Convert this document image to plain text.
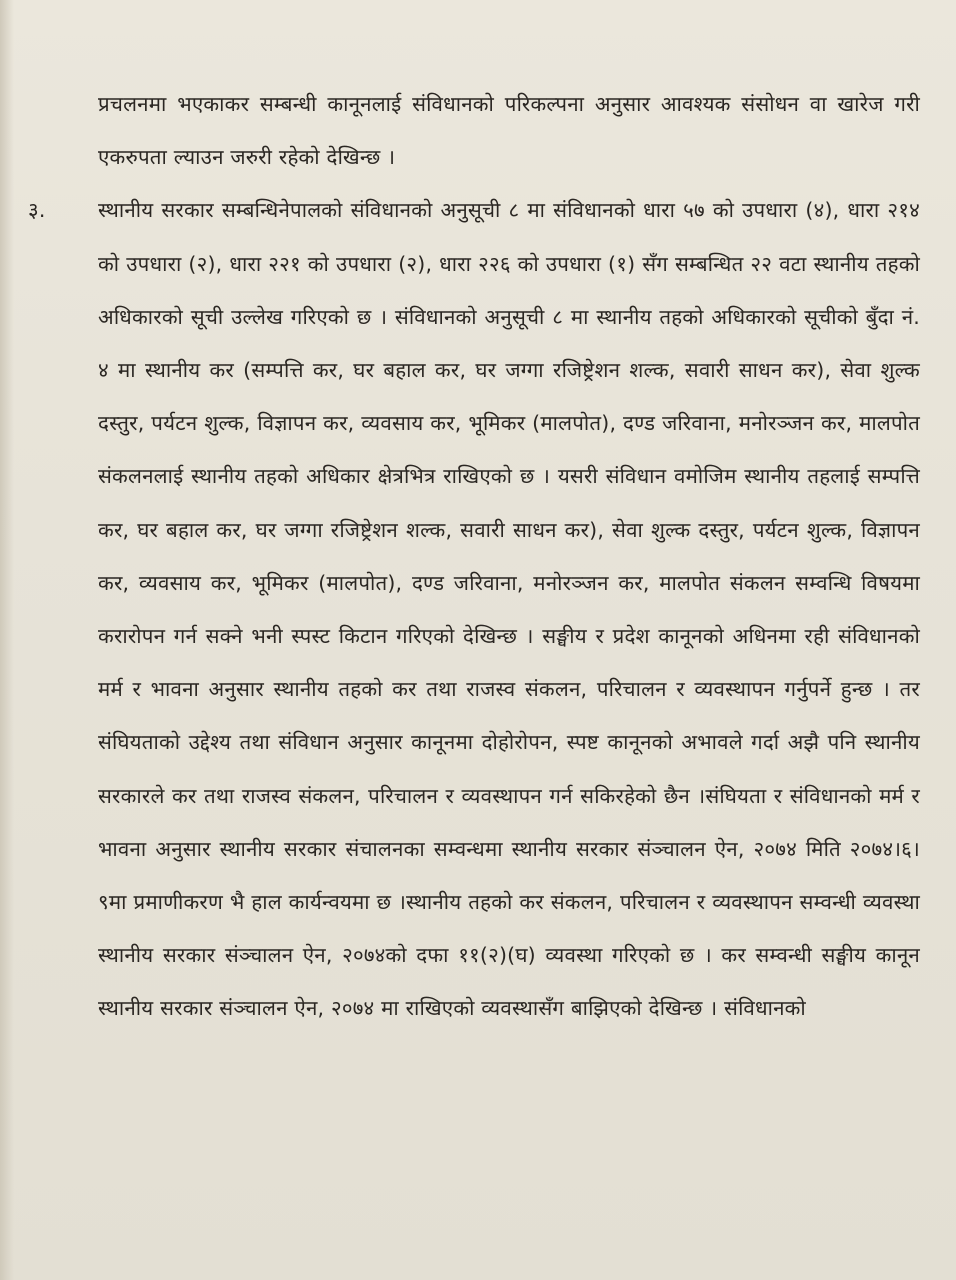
प्रचलनमा भएकाकर सम्बन्धी कानूनलाई संविधानको परिकल्पना अनुसार आवश्यक संसोधन वा खारेज गरी एकरुपता ल्याउन जरुरी रहेको देखिन्छ ।

३.	स्थानीय सरकार सम्बन्धिनेपालको संविधानको अनुसूची ८ मा संविधानको धारा ५७ को उपधारा (४), धारा २१४ को उपधारा (२), धारा २२१ को उपधारा (२), धारा २२६ को उपधारा (१) सँग सम्बन्धित २२ वटा स्थानीय तहको अधिकारको सूची उल्लेख गरिएको छ । संविधानको अनुसूची ८ मा स्थानीय तहको अधिकारको सूचीको बुँदा नं. ४ मा स्थानीय कर (सम्पत्ति कर, घर बहाल कर, घर जग्गा रजिष्ट्रेशन शल्क, सवारी साधन कर), सेवा शुल्क दस्तुर, पर्यटन शुल्क, विज्ञापन कर, व्यवसाय कर, भूमिकर (मालपोत), दण्ड जरिवाना, मनोरञ्जन कर, मालपोत संकलनलाई स्थानीय तहको अधिकार क्षेत्रभित्र राखिएको छ । यसरी संविधान वमोजिम स्थानीय तहलाई सम्पत्ति कर, घर बहाल कर, घर जग्गा रजिष्ट्रेशन शल्क, सवारी साधन कर), सेवा शुल्क दस्तुर, पर्यटन शुल्क, विज्ञापन कर, व्यवसाय कर, भूमिकर (मालपोत), दण्ड जरिवाना, मनोरञ्जन कर, मालपोत संकलन सम्वन्धि विषयमा करारोपन गर्न सक्ने भनी स्पस्ट किटान गरिएको देखिन्छ । सङ्घीय र प्रदेश कानूनको अधिनमा रही संविधानको मर्म र भावना अनुसार स्थानीय तहको कर तथा राजस्व संकलन, परिचालन र व्यवस्थापन गर्नुपर्ने हुन्छ । तर संघियताको उद्देश्य तथा संविधान अनुसार कानूनमा दोहोरोपन, स्पष्ट कानूनको अभावले गर्दा अझै पनि स्थानीय सरकारले कर तथा राजस्व संकलन, परिचालन र व्यवस्थापन गर्न सकिरहेको छैन ।संघियता र संविधानको मर्म र भावना अनुसार स्थानीय सरकार संचालनका सम्वन्धमा स्थानीय सरकार संञ्चालन ऐन, २०७४ मिति २०७४।६।९मा प्रमाणीकरण भै हाल कार्यन्वयमा छ ।स्थानीय तहको कर संकलन, परिचालन र व्यवस्थापन सम्वन्धी व्यवस्था स्थानीय सरकार संञ्चालन ऐन, २०७४को दफा ११(२)(घ) व्यवस्था गरिएको छ । कर सम्वन्धी सङ्घीय कानून स्थानीय सरकार संञ्चालन ऐन, २०७४ मा राखिएको व्यवस्थासँग बाझिएको देखिन्छ । संविधानको
